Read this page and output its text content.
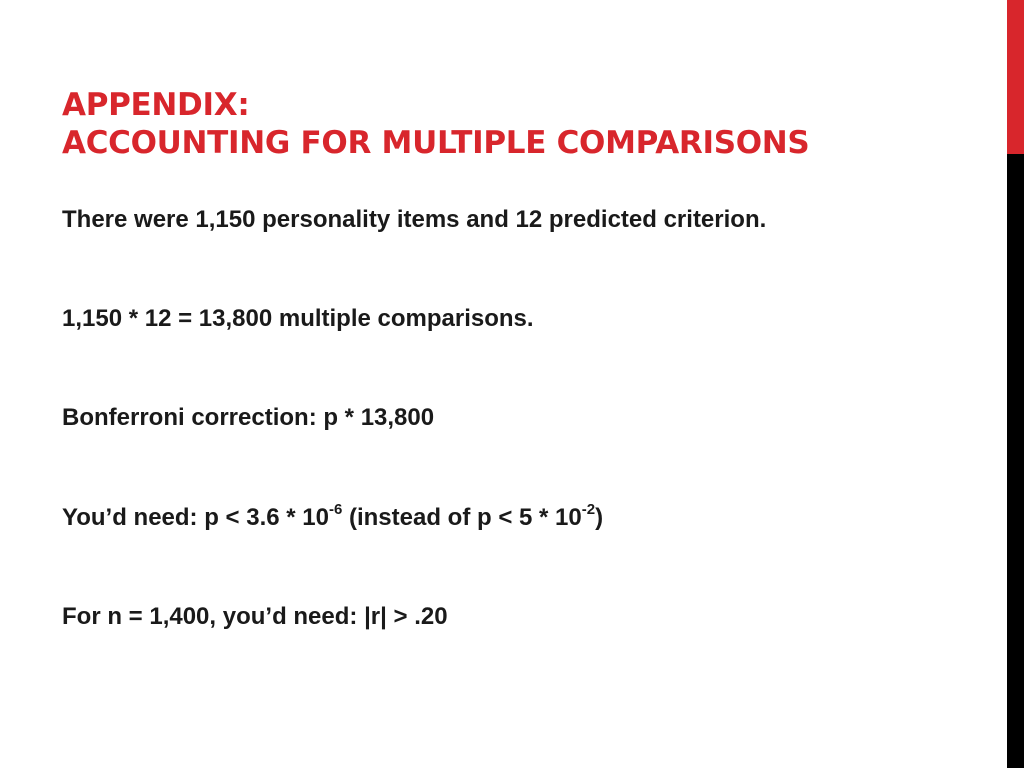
APPENDIX:
ACCOUNTING FOR MULTIPLE COMPARISONS

There were 1,150 personality items and 12 predicted criterion.

1,150 * 12 = 13,800 multiple comparisons.

Bonferroni correction: p * 13,800

You’d need: $p < 3.6 * 10^{-6}$ (instead of $p < 5 * 10^{-2}$)

For n = 1,400, you’d need: |r| > .20
